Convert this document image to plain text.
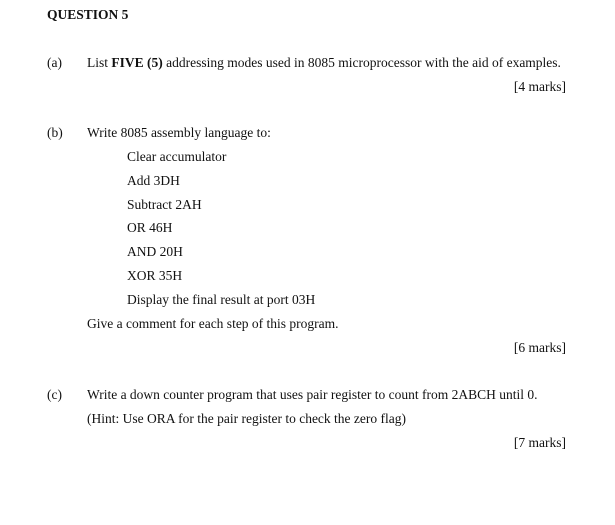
QUESTION 5
(a) List FIVE (5) addressing modes used in 8085 microprocessor with the aid of examples.
[4 marks]
(b) Write 8085 assembly language to:
Clear accumulator
Add 3DH
Subtract 2AH
OR 46H
AND 20H
XOR 35H
Display the final result at port 03H
Give a comment for each step of this program.
[6 marks]
(c) Write a down counter program that uses pair register to count from 2ABCH until 0.
(Hint: Use ORA for the pair register to check the zero flag)
[7 marks]
